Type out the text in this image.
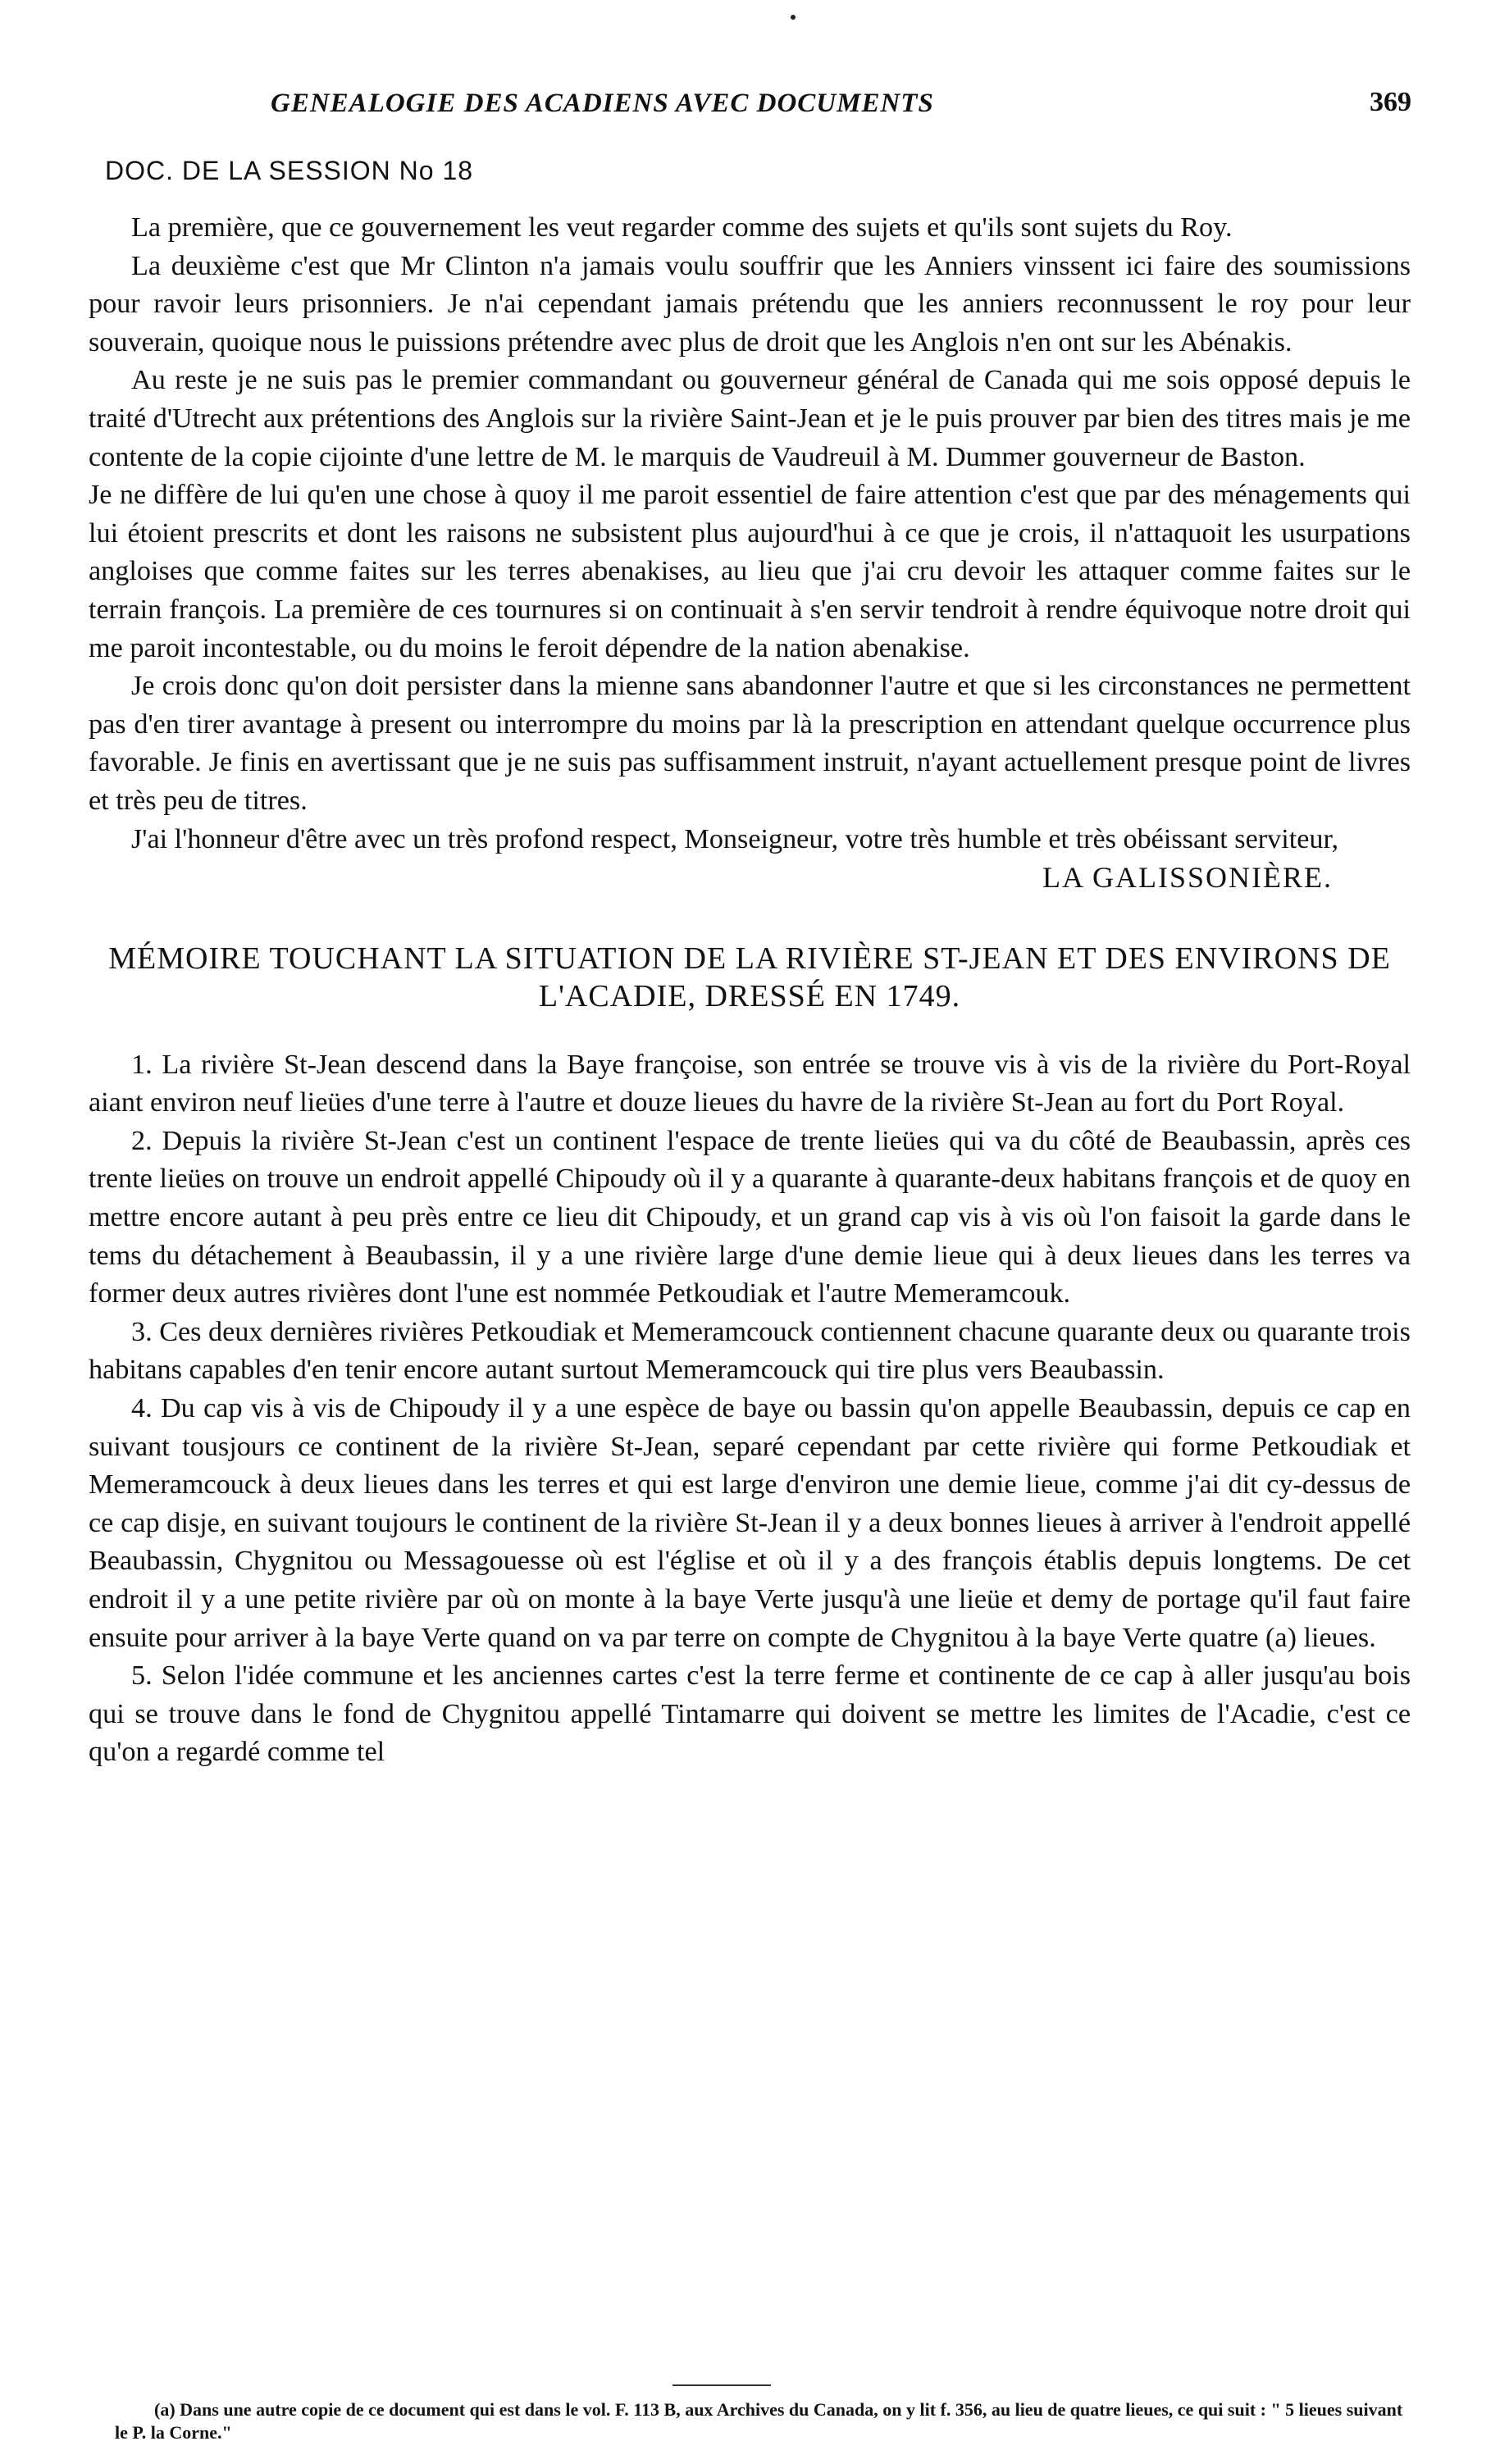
GENEALOGIE DES ACADIENS AVEC DOCUMENTS	369
DOC. DE LA SESSION No 18

La première, que ce gouvernement les veut regarder comme des sujets et qu'ils sont sujets du Roy.

La deuxième c'est que Mr Clinton n'a jamais voulu souffrir que les Anniers vinssent ici faire des soumissions pour ravoir leurs prisonniers. Je n'ai cependant jamais prétendu que les anniers reconnussent le roy pour leur souverain, quoique nous le puissions prétendre avec plus de droit que les Anglois n'en ont sur les Abénakis.

Au reste je ne suis pas le premier commandant ou gouverneur général de Canada qui me sois opposé depuis le traité d'Utrecht aux prétentions des Anglois sur la rivière Saint-Jean et je le puis prouver par bien des titres mais je me contente de la copie cijointe d'une lettre de M. le marquis de Vaudreuil à M. Dummer gouverneur de Baston.

Je ne diffère de lui qu'en une chose à quoy il me paroit essentiel de faire attention c'est que par des ménagements qui lui étoient prescrits et dont les raisons ne subsistent plus aujourd'hui à ce que je crois, il n'attaquoit les usurpations angloises que comme faites sur les terres abenakises, au lieu que j'ai cru devoir les attaquer comme faites sur le terrain françois. La première de ces tournures si on continuait à s'en servir tendroit à rendre équivoque notre droit qui me paroit incontestable, ou du moins le feroit dépendre de la nation abenakise.

Je crois donc qu'on doit persister dans la mienne sans abandonner l'autre et que si les circonstances ne permettent pas d'en tirer avantage à present ou interrompre du moins par là la prescription en attendant quelque occurrence plus favorable. Je finis en avertissant que je ne suis pas suffisamment instruit, n'ayant actuellement presque point de livres et très peu de titres.

J'ai l'honneur d'être avec un très profond respect, Monseigneur, votre très humble et très obéissant serviteur,

LA GALISSONIÈRE.
MÉMOIRE TOUCHANT LA SITUATION DE LA RIVIÈRE ST-JEAN ET DES ENVIRONS DE L'ACADIE, DRESSÉ EN 1749.

1. La rivière St-Jean descend dans la Baye françoise, son entrée se trouve vis à vis de la rivière du Port-Royal aiant environ neuf lieües d'une terre à l'autre et douze lieues du havre de la rivière St-Jean au fort du Port Royal.

2. Depuis la rivière St-Jean c'est un continent l'espace de trente lieües qui va du côté de Beaubassin, après ces trente lieües on trouve un endroit appellé Chipoudy où il y a quarante à quarante-deux habitans françois et de quoy en mettre encore autant à peu près entre ce lieu dit Chipoudy, et un grand cap vis à vis où l'on faisoit la garde dans le tems du détachement à Beaubassin, il y a une rivière large d'une demie lieue qui à deux lieues dans les terres va former deux autres rivières dont l'une est nommée Petkoudiak et l'autre Memeramcouk.

3. Ces deux dernières rivières Petkoudiak et Memeramcouck contiennent chacune quarante deux ou quarante trois habitans capables d'en tenir encore autant surtout Memeramcouck qui tire plus vers Beaubassin.

4. Du cap vis à vis de Chipoudy il y a une espèce de baye ou bassin qu'on appelle Beaubassin, depuis ce cap en suivant tousjours ce continent de la rivière St-Jean, separé cependant par cette rivière qui forme Petkoudiak et Memeramcouck à deux lieues dans les terres et qui est large d'environ une demie lieue, comme j'ai dit cy-dessus de ce cap disje, en suivant toujours le continent de la rivière St-Jean il y a deux bonnes lieues à arriver à l'endroit appellé Beaubassin, Chygnitou ou Messagouesse où est l'église et où il y a des françois établis depuis longtems. De cet endroit il y a une petite rivière par où on monte à la baye Verte jusqu'à une lieüe et demy de portage qu'il faut faire ensuite pour arriver à la baye Verte quand on va par terre on compte de Chygnitou à la baye Verte quatre (a) lieues.

5. Selon l'idée commune et les anciennes cartes c'est la terre ferme et continente de ce cap à aller jusqu'au bois qui se trouve dans le fond de Chygnitou appellé Tintamarre qui doivent se mettre les limites de l'Acadie, c'est ce qu'on a regardé comme tel

(a) Dans une autre copie de ce document qui est dans le vol. F. 113 B, aux Archives du Canada, on y lit f. 356, au lieu de quatre lieues, ce qui suit : " 5 lieues suivant le P. la Corne."
